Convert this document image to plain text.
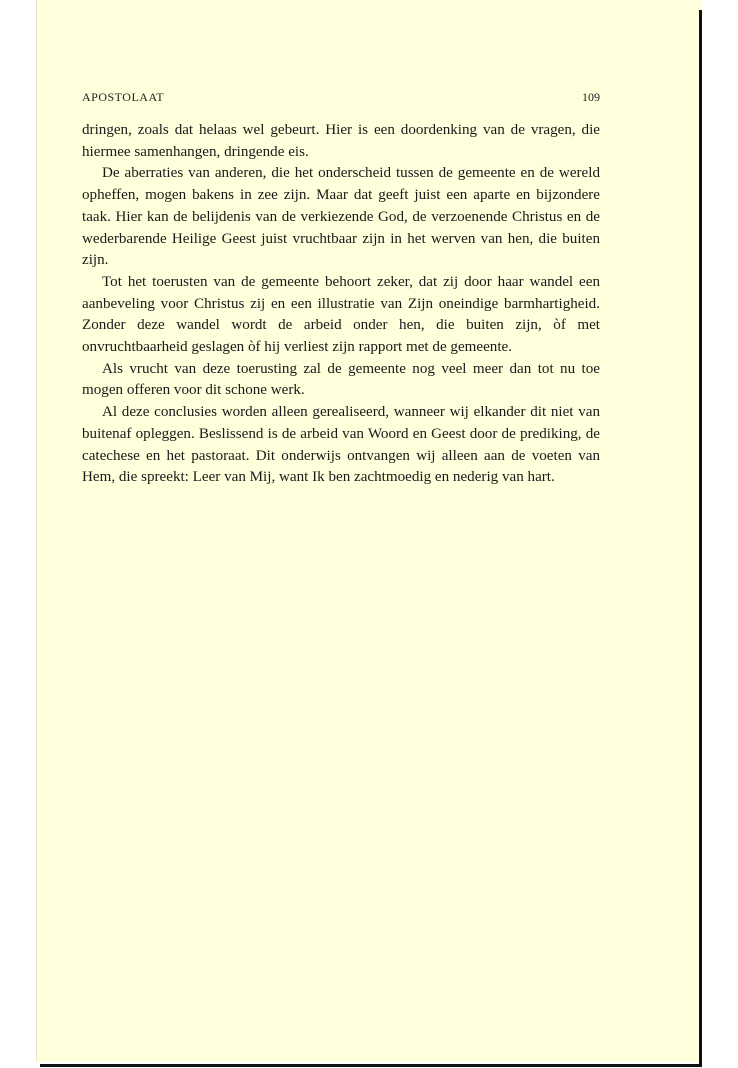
APOSTOLAAT	109

dringen, zoals dat helaas wel gebeurt. Hier is een doordenking van de vragen, die hiermee samenhangen, dringende eis.

De aberraties van anderen, die het onderscheid tussen de gemeente en de wereld opheffen, mogen bakens in zee zijn. Maar dat geeft juist een aparte en bijzondere taak. Hier kan de belijdenis van de verkiezende God, de verzoenende Christus en de wederbarende Heilige Geest juist vruchtbaar zijn in het werven van hen, die buiten zijn.

Tot het toerusten van de gemeente behoort zeker, dat zij door haar wandel een aanbeveling voor Christus zij en een illustratie van Zijn oneindige barmhartigheid. Zonder deze wandel wordt de arbeid onder hen, die buiten zijn, òf met onvruchtbaarheid geslagen òf hij verliest zijn rapport met de gemeente.

Als vrucht van deze toerusting zal de gemeente nog veel meer dan tot nu toe mogen offeren voor dit schone werk.

Al deze conclusies worden alleen gerealiseerd, wanneer wij elkander dit niet van buitenaf opleggen. Beslissend is de arbeid van Woord en Geest door de prediking, de catechese en het pastoraat. Dit onderwijs ontvangen wij alleen aan de voeten van Hem, die spreekt: Leer van Mij, want Ik ben zachtmoedig en nederig van hart.
